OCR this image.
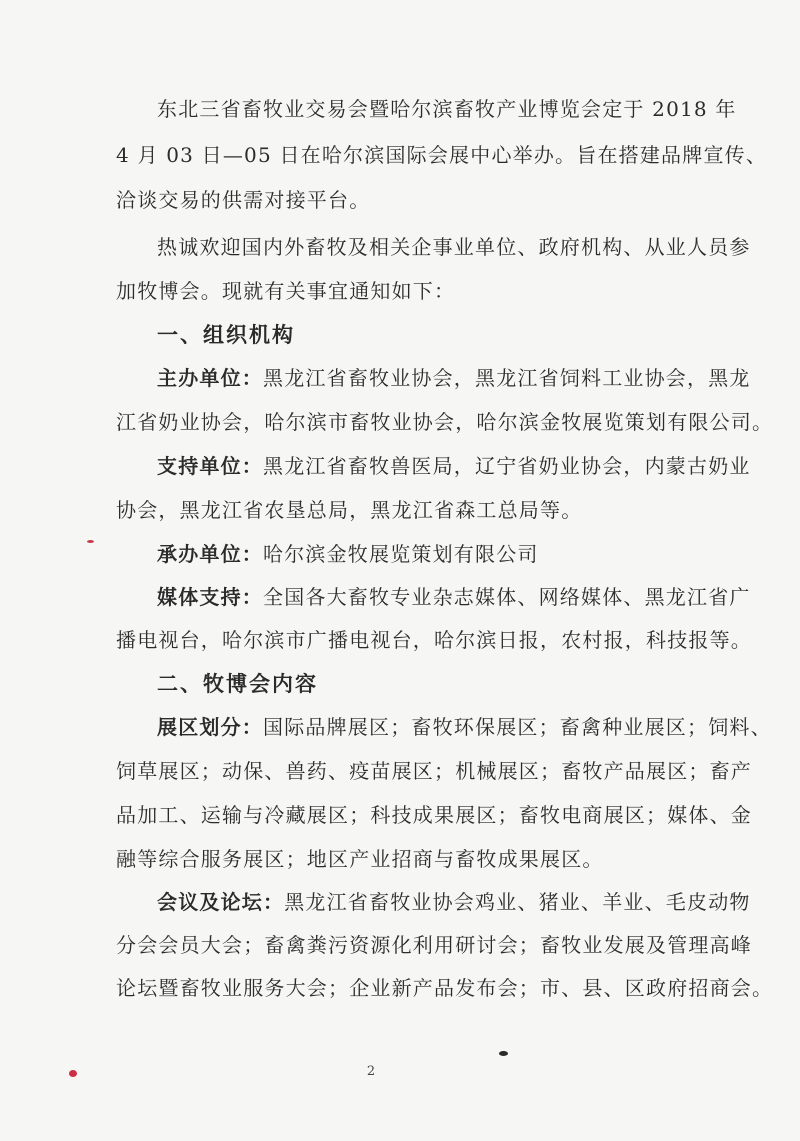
东北三省畜牧业交易会暨哈尔滨畜牧产业博览会定于 2018 年
4 月 03 日—05 日在哈尔滨国际会展中心举办。旨在搭建品牌宣传、
洽谈交易的供需对接平台。
热诚欢迎国内外畜牧及相关企事业单位、政府机构、从业人员参
加牧博会。现就有关事宜通知如下：
一、组织机构
主办单位：黑龙江省畜牧业协会，黑龙江省饲料工业协会，黑龙
江省奶业协会，哈尔滨市畜牧业协会，哈尔滨金牧展览策划有限公司。
支持单位：黑龙江省畜牧兽医局，辽宁省奶业协会，内蒙古奶业
协会，黑龙江省农垦总局，黑龙江省森工总局等。
承办单位：哈尔滨金牧展览策划有限公司
媒体支持：全国各大畜牧专业杂志媒体、网络媒体、黑龙江省广
播电视台，哈尔滨市广播电视台，哈尔滨日报，农村报，科技报等。
二、牧博会内容
展区划分：国际品牌展区；畜牧环保展区；畜禽种业展区；饲料、
饲草展区；动保、兽药、疫苗展区；机械展区；畜牧产品展区；畜产
品加工、运输与冷藏展区；科技成果展区；畜牧电商展区；媒体、金
融等综合服务展区；地区产业招商与畜牧成果展区。
会议及论坛：黑龙江省畜牧业协会鸡业、猪业、羊业、毛皮动物
分会会员大会；畜禽粪污资源化利用研讨会；畜牧业发展及管理高峰
论坛暨畜牧业服务大会；企业新产品发布会；市、县、区政府招商会。
2
